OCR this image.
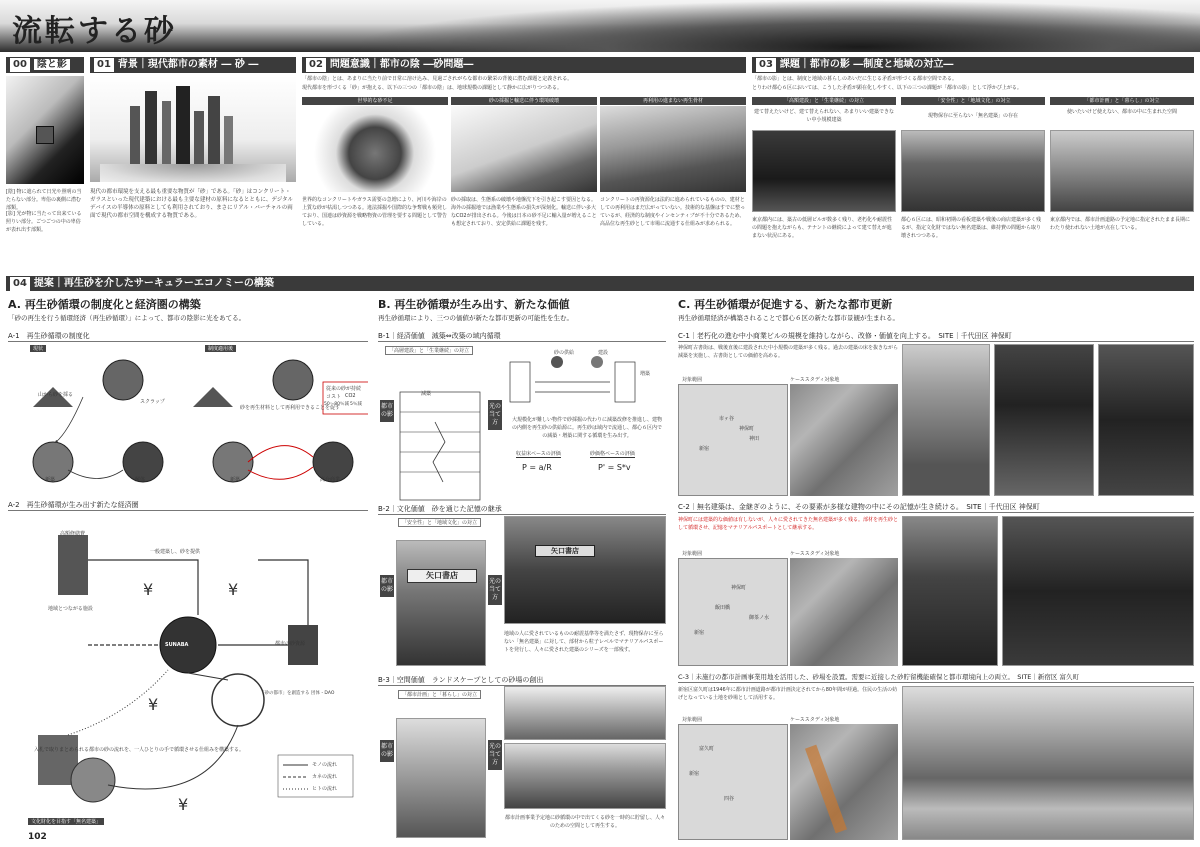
流転する砂
00 陰と影
[陰] 物に遮られて日光や照明の当たらない部分。卑俗の裏側に潜む部類。
[影] 光が物に当たって出来ている照りい部分。ごつごつの中の卑俗が表れ出す部類。
01 背景｜現代都市の素材 ― 砂 ―
現代の都市環境を支える最も重要な物質が「砂」である。「砂」はコンクリート・ガラスといった現代建築における最も主要な建材の原料になるとともに、デジタルデバイスの半導体の原料としても利用されており、まさにリアル・バーチャルの両面で現代の都市空間を構成する物質である。
02 問題意識｜都市の陰 ―砂問題―
「都市の陰」とは、あまりに当たり前で日常に溶け込み、見過ごされがちな都市の繁栄の背後に潜む課題と定義される。
現代都市を形づくる「砂」が抱える、以下の三つの「都市の陰」は、地球規模の課題として静かに広がりつつある。
世界的な砂不足	砂の採掘と輸送に伴う環境破壊	再利用の進まない再生骨材
世界的なコンクリートやガラス需要の急増により、河川や海岸の上質な砂が枯渇しつつある。違法採掘や国際的な争奪戦も頻発しており、国連は砂資源を戦略物資の管理を要する問題として警告している。
砂の採取は、生態系の破壊や地盤沈下を引き起こす要因となる。海外の採掘地では漁業や生態系の損失が深刻化。輸送に伴い多大なCO2が排出される。今後は日本の砂不足に輸入量が増えることも想定されており、安定供給に課題を残す。
コンクリートの再資源化は法的に進められているものの、建材としての再利用はまだ広がっていない。技術的な基盤はすでに整っているが、経済的な制度やインセンティブが不十分であるため、高品位な再生砂として市場に流通する仕組みが求められる。
03 課題｜都市の影 ―制度と地域の対立―
「都市の影」とは、制度と地域の暮らしのあいだに生じる矛盾が形づくる都市空間である。
とりわけ都心６区においては、こうした矛盾が顕在化しやすく、以下の三つの課題が「都市の影」として浮かび上がる。
「高額建設」と「生業継続」の対立	「安全性」と「地域文化」の対立	「都市計画」と「暮らし」の対立
建て替えたいけど、建て替えられない、あまりいい建築できない中小規模建築
現物保存に至らない「無名建築」の存在
使いたいけど使えない、都市の中に生まれた空間
東京都内には、築古の低層ビルが数多く残り、老朽化や耐震性の問題を抱えながらも、テナントの継続によって建て替えが進まない状況にある。
都心６区には、昭和初期の看板建築や戦後の商店建築が多く残るが、指定文化財ではない無名建築は、維持費の問題から取り壊されつつある。
東京都内では、都市計画道路の予定地に指定されたまま長期にわたり使われない土地が点在している。
04 提案｜再生砂を介したサーキュラーエコノミーの構築
A. 再生砂循環の制度化と経済圏の構築
「砂の再生を行う循環経済（再生砂循環）」によって、都市の陰影に光をあてる。
A-1　再生砂循環の制度化
現状	制度適用後
山から砂を採る
スクラップ
新築	解体
砂を再生材料として再利用できることを促す
新築	高台商業
従来の砂が持続
コスト CO2
50～80％減 5％減
A-2　再生砂循環が生み出す新たな経済圏
¥	¥
¥
¥
高額修繕費
一般建築し、砂を提供
地域とつながる施設
SUNABA	都市の砂資源
「砂の都市」を創造する 団体・DAO
入札で取りまとめられる都市の砂の流れを、一人ひとりの手で循環させる仕組みを構築する。
モノの流れ
カネの流れ
ヒトの流れ
文化財化を目指す「無名建築」
102
B. 再生砂循環が生み出す、新たな価値
再生砂循環により、三つの価値が新たな都市更新の可能性を生む。
B-1｜経済価値　減築⇔改築の域内循環
「高層建設」と「生業継続」の対立
都市の影
光の当て方
減築
砂の供給	建設
増築
大規模化が難しい物件で砂採掘の代わりに減築改修を推進し、建物の内側を再生砂の供給源に。再生砂は域内で流通し、都心６区内での減築・増築に関する循環を生み出す。
収益床ベースの評価	砂価格ベースの評価
P = a/R	P' = S*v
B-2｜文化価値　砂を通じた記憶の継承
「安全性」と「地域文化」の対立
都市の影
光の当て方
矢口書店
矢口書店
地域の人に愛されているものの耐震基準等を満たさず、現物保存に至らない「無名建築」に対して、部材から粒子レベルでマテリアルパスポートを発行し、人々に愛された建築のシリーズを一部残す。
B-3｜空間価値　ランドスケープとしての砂場の創出
「都市計画」と「暮らし」の対立
都市の影
光の当て方
都市計画事業予定地に砂循環の中で出てくる砂を一時的に貯留し、人々のための空間として再生する。
C. 再生砂循環が促進する、新たな都市更新
再生砂循環経済が構築されることで都心６区の新たな都市景観が生まれる。
C-1｜老朽化の進む中小商業ビルの規模を維持しながら、改修・価値を向上する。　SITE｜千代田区 神保町
神保町古書街は、戦後直後に建設された中小規模の建築が多く残る。過去の建築の床を抜きながら減築を実施し、古書街としての価値を高める。
対象範囲	ケーススタディ対象地
市ヶ谷
神保町
神田
新宿
C-2｜無名建築は、金継ぎのように、その要素が多様な建物の中にその記憶が生き続ける。　SITE｜千代田区 神保町
神保町には建築的な価値は有しないが、人々に愛されてきた無名建築が多く残る。部材を再生砂として循環させ、記憶をマテリアルパスポートとして継承する。
対象範囲	ケーススタディ対象地
神保町
飯田橋
御茶ノ水
新宿
C-3｜未施行の都市計画事業用地を活用した、砂場を設置。需要に近接した砂貯留機能確保と都市環境向上の両立。　SITE｜新宿区 富久町
新宿区富久町は1946年に都市計画道路が都市計画決定されてから80年間が経過。住民の生活の妨げとなっている土地を砂場として活用する。
対象範囲	ケーススタディ対象地
富久町
新宿
四谷
